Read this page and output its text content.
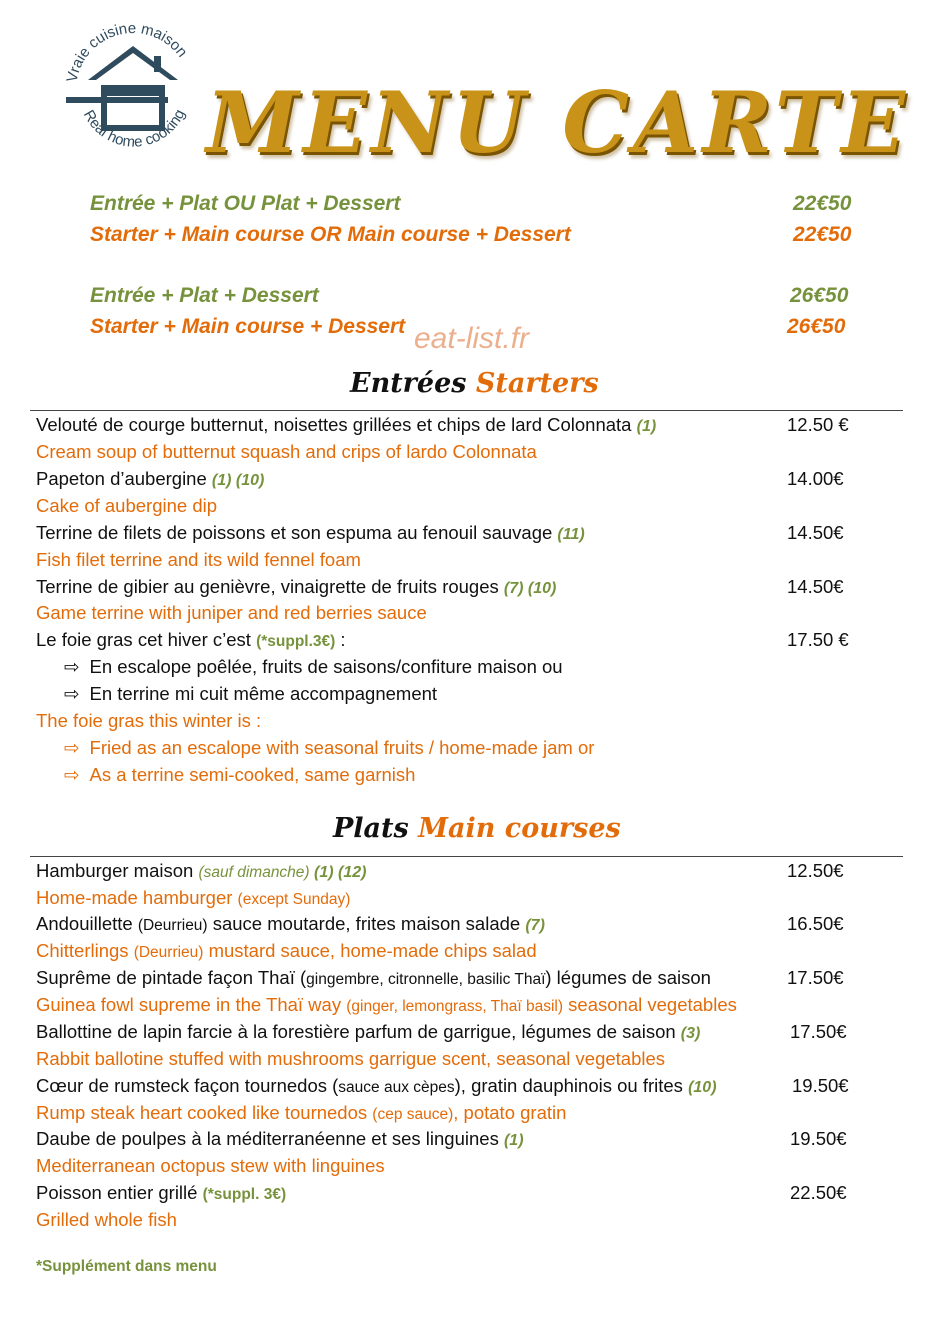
Vraie cuisine maison
Real home cooking MENU CARTE
Entrée + Plat OU Plat + Dessert	22€50
Starter + Main course OR Main course + Dessert	22€50
Entrée + Plat + Dessert	26€50
Starter + Main course + Dessert	26€50
eat-list.fr
Entrées Starters
Velouté de courge butternut, noisettes grillées et chips de lard Colonnata (1)	12.50 €
Cream soup of butternut squash and crips of lardo Colonnata
Papeton d’aubergine (1) (10)	14.00€
Cake of aubergine dip
Terrine de filets de poissons et son espuma au fenouil sauvage (11)	14.50€
Fish filet terrine and its wild fennel foam
Terrine de gibier au genièvre, vinaigrette de fruits rouges (7) (10)	14.50€
Game terrine with juniper and red berries sauce
Le foie gras cet hiver c’est (*suppl.3€) :	17.50 €
⇨ En escalope poêlée, fruits de saisons/confiture maison ou
⇨ En terrine mi cuit même accompagnement
The foie gras this winter is :
⇨ Fried as an escalope with seasonal fruits / home-made jam or
⇨ As a terrine semi-cooked, same garnish
Plats Main courses
Hamburger maison (sauf dimanche) (1) (12)	12.50€
Home-made hamburger (except Sunday)
Andouillette (Deurrieu) sauce moutarde, frites maison salade (7)	16.50€
Chitterlings (Deurrieu) mustard sauce, home-made chips salad
Suprême de pintade façon Thaï (gingembre, citronnelle, basilic Thaï) légumes de saison	17.50€
Guinea fowl supreme in the Thaï way (ginger, lemongrass, Thaï basil) seasonal vegetables
Ballottine de lapin farcie à la forestière parfum de garrigue, légumes de saison (3)	17.50€
Rabbit ballotine stuffed with mushrooms garrigue scent, seasonal vegetables
Cœur de rumsteck façon tournedos (sauce aux cèpes), gratin dauphinois ou frites (10)	19.50€
Rump steak heart cooked like tournedos (cep sauce), potato gratin
Daube de poulpes à la méditerranéenne et ses linguines (1)	19.50€
Mediterranean octopus stew with linguines
Poisson entier grillé (*suppl. 3€)	22.50€
Grilled whole fish
*Supplément dans menu
